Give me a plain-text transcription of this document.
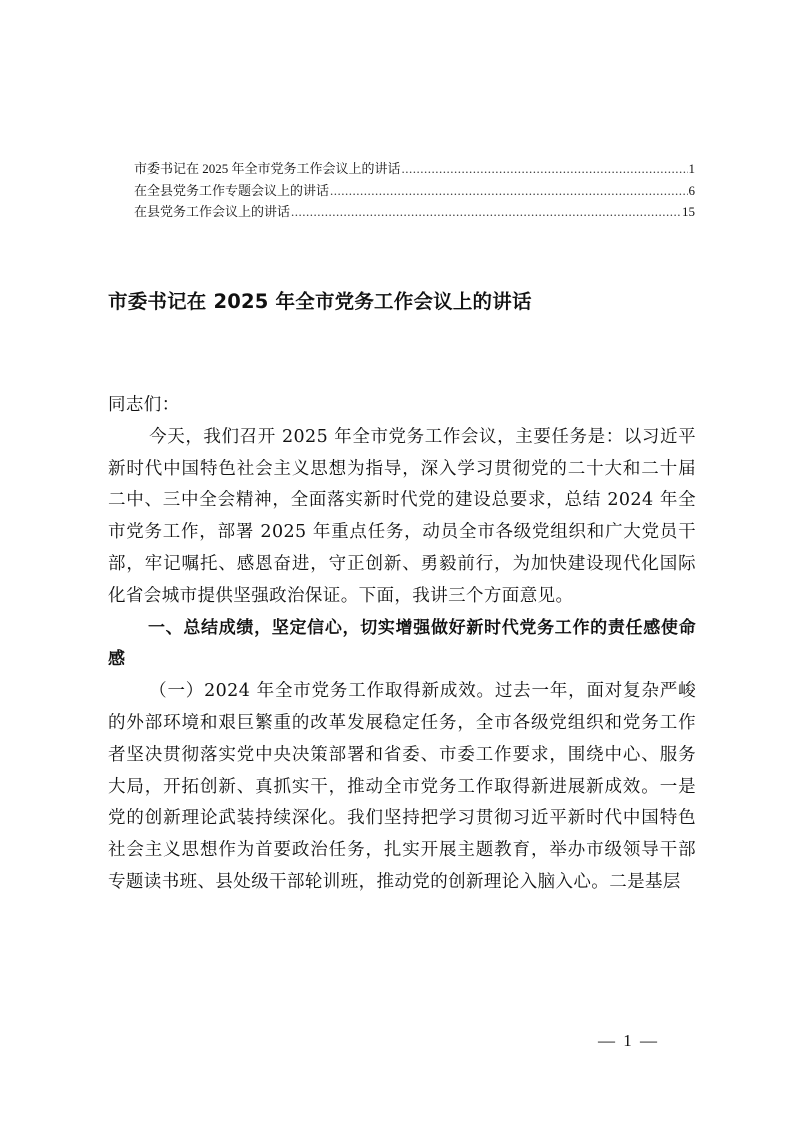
市委书记在 2025 年全市党务工作会议上的讲话 .....	1
在全县党务工作专题会议上的讲话 .....	6
在县党务工作会议上的讲话 .....	15
市委书记在 2025 年全市党务工作会议上的讲话

同志们：

今天，我们召开 2025 年全市党务工作会议，主要任务是：以习近平新时代中国特色社会主义思想为指导，深入学习贯彻党的二十大和二十届二中、三中全会精神，全面落实新时代党的建设总要求，总结 2024 年全市党务工作，部署 2025 年重点任务，动员全市各级党组织和广大党员干部，牢记嘱托、感恩奋进，守正创新、勇毅前行，为加快建设现代化国际化省会城市提供坚强政治保证。下面，我讲三个方面意见。

一、总结成绩，坚定信心，切实增强做好新时代党务工作的责任感使命感

（一）2024 年全市党务工作取得新成效。过去一年，面对复杂严峻的外部环境和艰巨繁重的改革发展稳定任务，全市各级党组织和党务工作者坚决贯彻落实党中央决策部署和省委、市委工作要求，围绕中心、服务大局，开拓创新、真抓实干，推动全市党务工作取得新进展新成效。一是党的创新理论武装持续深化。我们坚持把学习贯彻习近平新时代中国特色社会主义思想作为首要政治任务，扎实开展主题教育，举办市级领导干部专题读书班、县处级干部轮训班，推动党的创新理论入脑入心。二是基层

— 1 —
